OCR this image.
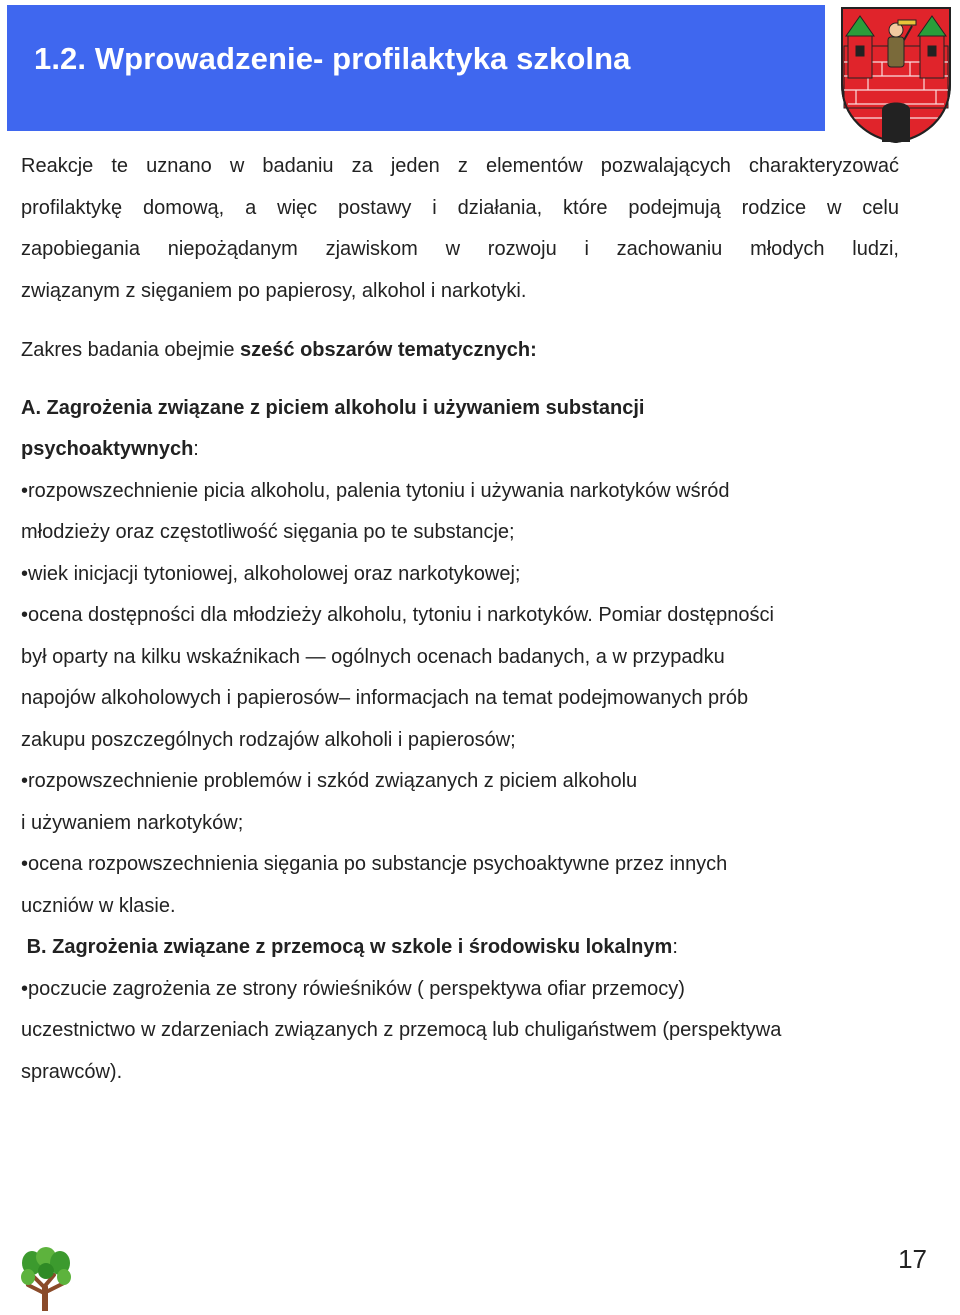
1.2. Wprowadzenie- profilaktyka szkolna

Reakcje te uznano w badaniu za jeden z elementów pozwalających charakteryzować

profilaktykę domową, a więc postawy i działania, które podejmują rodzice w celu

zapobiegania niepożądanym zjawiskom w rozwoju i zachowaniu młodych ludzi,

związanym z sięganiem po papierosy, alkohol i narkotyki.

Zakres badania obejmie sześć obszarów tematycznych:

A. Zagrożenia związane z piciem alkoholu i używaniem substancji

psychoaktywnych:

•rozpowszechnienie picia alkoholu, palenia tytoniu i używania narkotyków wśród

młodzieży oraz częstotliwość sięgania po te substancje;

•wiek inicjacji tytoniowej, alkoholowej oraz narkotykowej;

•ocena dostępności dla młodzieży alkoholu, tytoniu i narkotyków. Pomiar dostępności

był oparty na kilku wskaźnikach — ogólnych ocenach badanych, a w przypadku

napojów alkoholowych i papierosów– informacjach na temat podejmowanych prób

zakupu poszczególnych rodzajów alkoholi i papierosów;

•rozpowszechnienie problemów i szkód związanych z piciem alkoholu

i używaniem narkotyków;

•ocena rozpowszechnienia sięgania po substancje psychoaktywne przez innych

uczniów w klasie.

B. Zagrożenia związane z przemocą w szkole i środowisku lokalnym:

•poczucie zagrożenia ze strony rówieśników ( perspektywa ofiar przemocy)

uczestnictwo w zdarzeniach związanych z przemocą lub chuligaństwem (perspektywa

sprawców).

17
